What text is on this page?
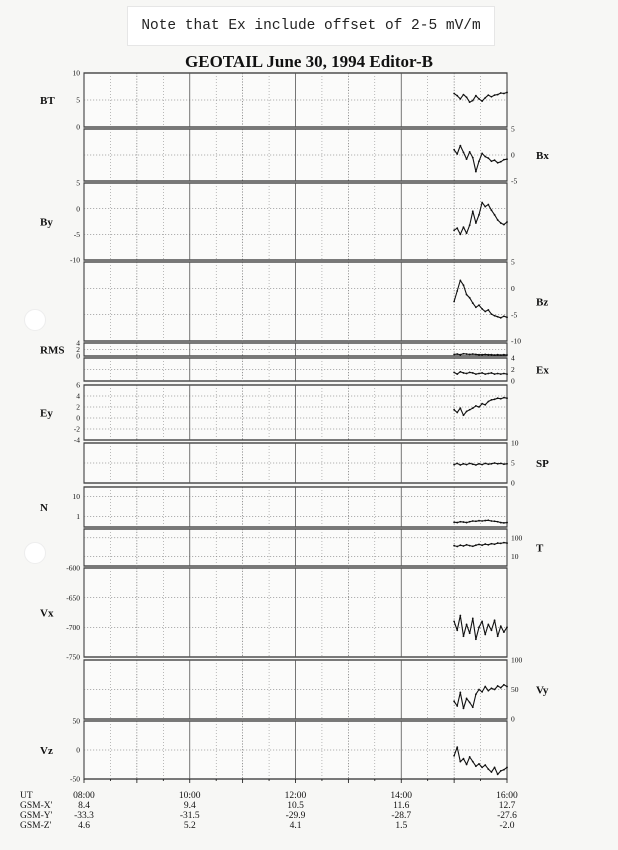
Note that Ex include offset of 2-5 mV/m
GEOTAIL June 30, 1994 Editor-B
0
5
10
BT
-5
0
5
Bx
-10
-5
0
5
By
-10
-5
0
5
Bz
0
2
4
RMS
0
2
4
Ex
-4
-2
0
2
4
6
Ey
0
5
10
SP
1
10
N
10
100
T
-750
-700
-650
-600
Vx
0
50
100
Vy
-50
0
50
Vz
UT	08:00	10:00	12:00	14:00	16:00
GSM-X'	8.4	9.4	10.5	11.6	12.7
GSM-Y' -33.3	-31.5	-29.9	-28.7	-27.6
GSM-Z'	4.6	5.2	4.1	1.5	-2.0
